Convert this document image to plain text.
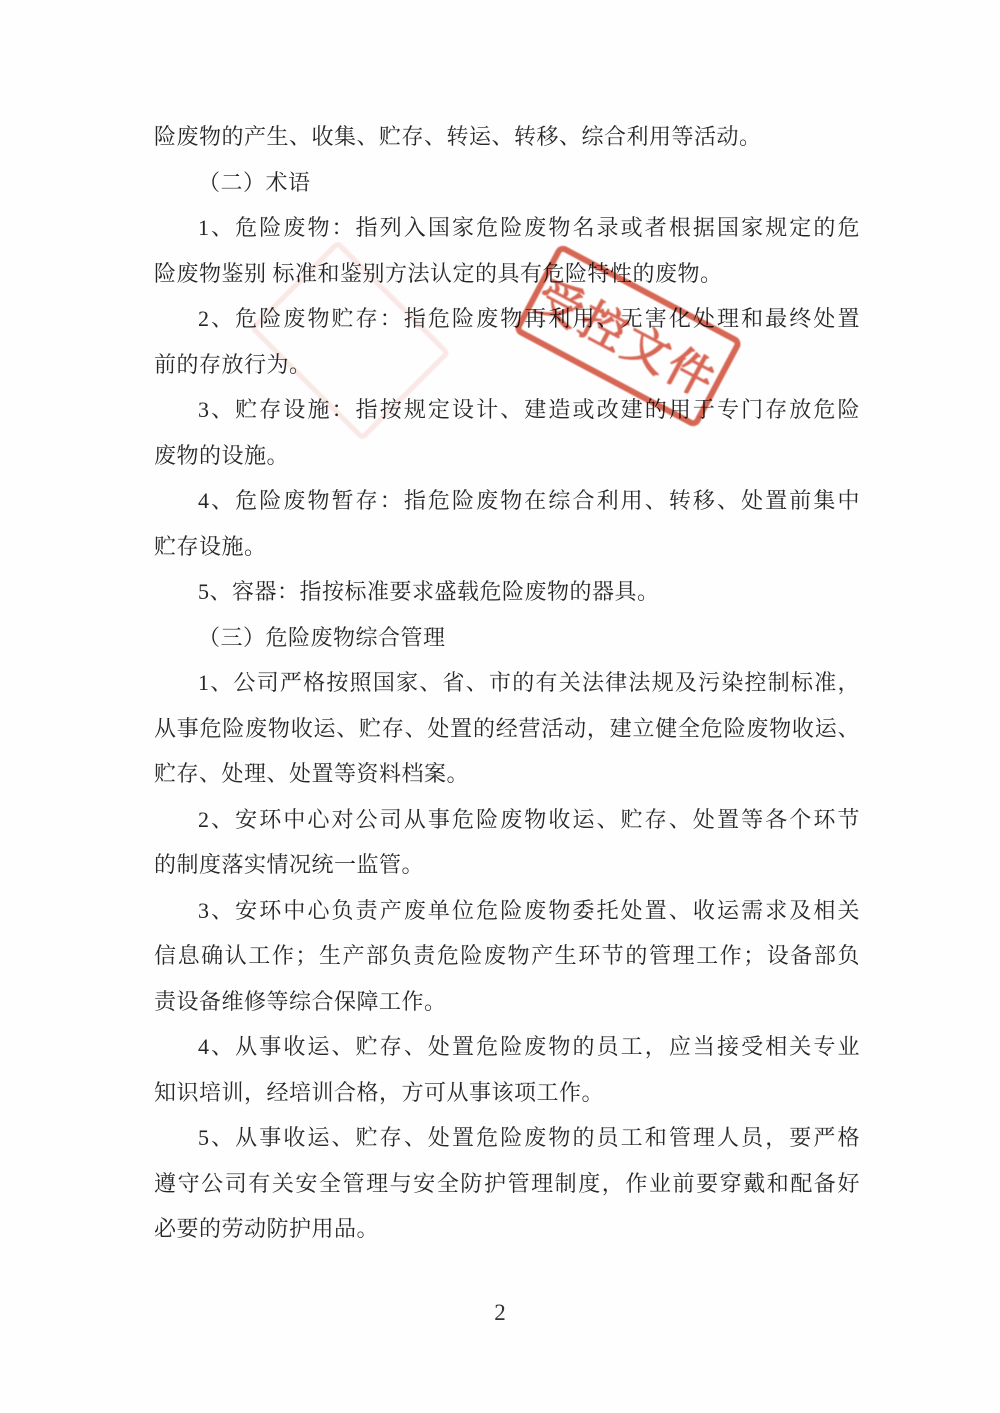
险废物的产生、收集、贮存、转运、转移、综合利用等活动。
（二）术语
1、危险废物：指列入国家危险废物名录或者根据国家规定的危
险废物鉴别 标准和鉴别方法认定的具有危险特性的废物。
2、危险废物贮存：指危险废物再利用、无害化处理和最终处置
前的存放行为。
3、贮存设施：指按规定设计、建造或改建的用于专门存放危险
废物的设施。
4、危险废物暂存：指危险废物在综合利用、转移、处置前集中
贮存设施。
5、容器：指按标准要求盛载危险废物的器具。
（三）危险废物综合管理
1、公司严格按照国家、省、市的有关法律法规及污染控制标准，
从事危险废物收运、贮存、处置的经营活动，建立健全危险废物收运、
贮存、处理、处置等资料档案。
2、安环中心对公司从事危险废物收运、贮存、处置等各个环节
的制度落实情况统一监管。
3、安环中心负责产废单位危险废物委托处置、收运需求及相关
信息确认工作；生产部负责危险废物产生环节的管理工作；设备部负
责设备维修等综合保障工作。
4、从事收运、贮存、处置危险废物的员工，应当接受相关专业
知识培训，经培训合格，方可从事该项工作。
5、从事收运、贮存、处置危险废物的员工和管理人员，要严格
遵守公司有关安全管理与安全防护管理制度，作业前要穿戴和配备好
必要的劳动防护用品。
受控文件
2
